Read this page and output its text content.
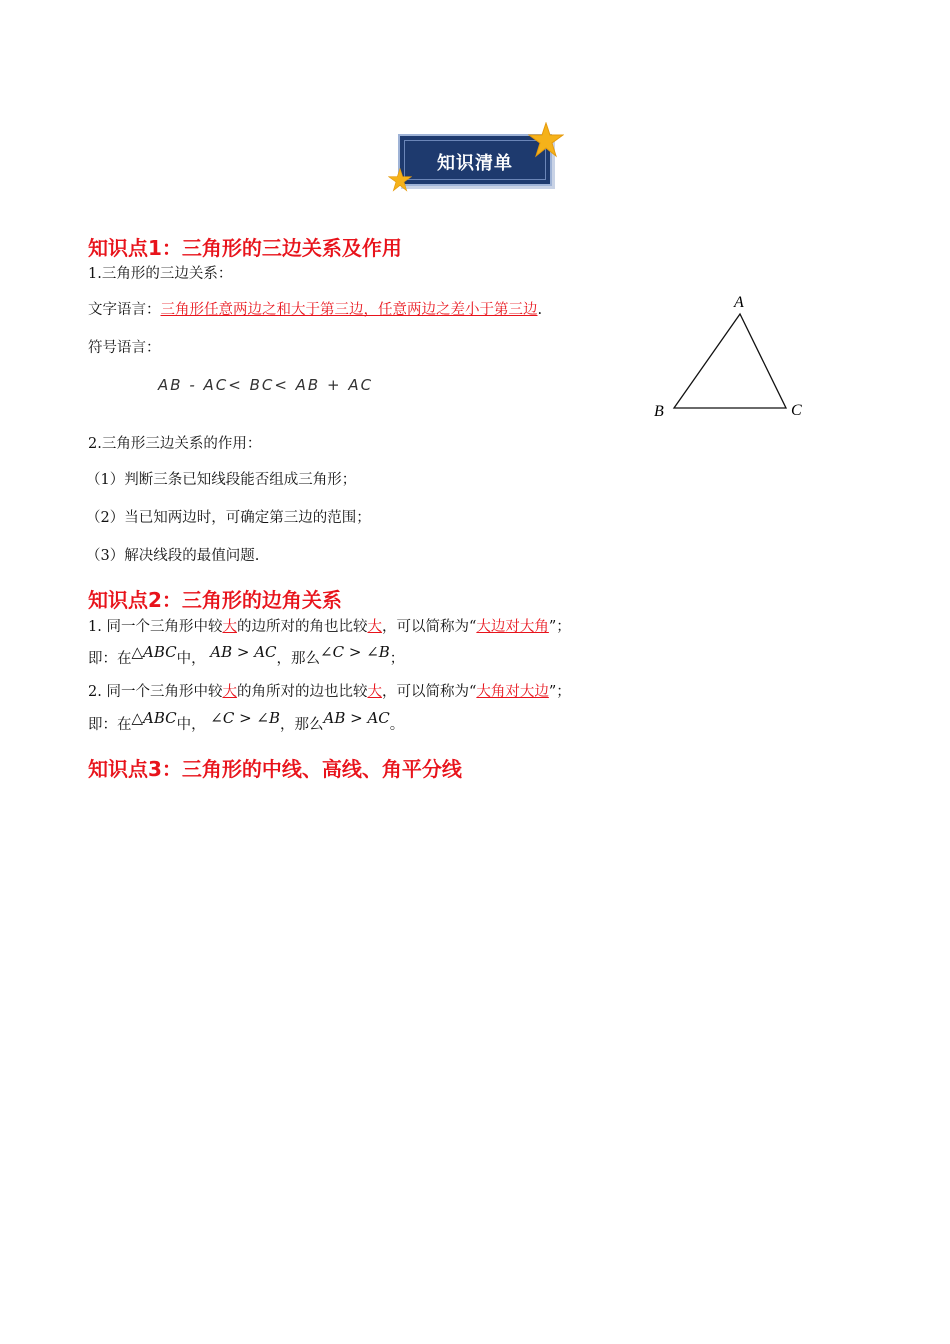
知识清单
知识点1：三角形的三边关系及作用
1.三角形的三边关系：
文字语言：三角形任意两边之和大于第三边，任意两边之差小于第三边.
符号语言：
AB - AC< BC< AB + AC
A
B	C
2.三角形三边关系的作用：
（1）判断三条已知线段能否组成三角形；
（2）当已知两边时，可确定第三边的范围；
（3）解决线段的最值问题.
知识点2：三角形的边角关系
1. 同一个三角形中较大的边所对的角也比较大，可以简称为“大边对大角”；
即：在△ABC中， AB > AC，那么∠C > ∠B；
2. 同一个三角形中较大的角所对的边也比较大，可以简称为“大角对大边”；
即：在△ABC中， ∠C > ∠B，那么AB > AC。
知识点3：三角形的中线、高线、角平分线
